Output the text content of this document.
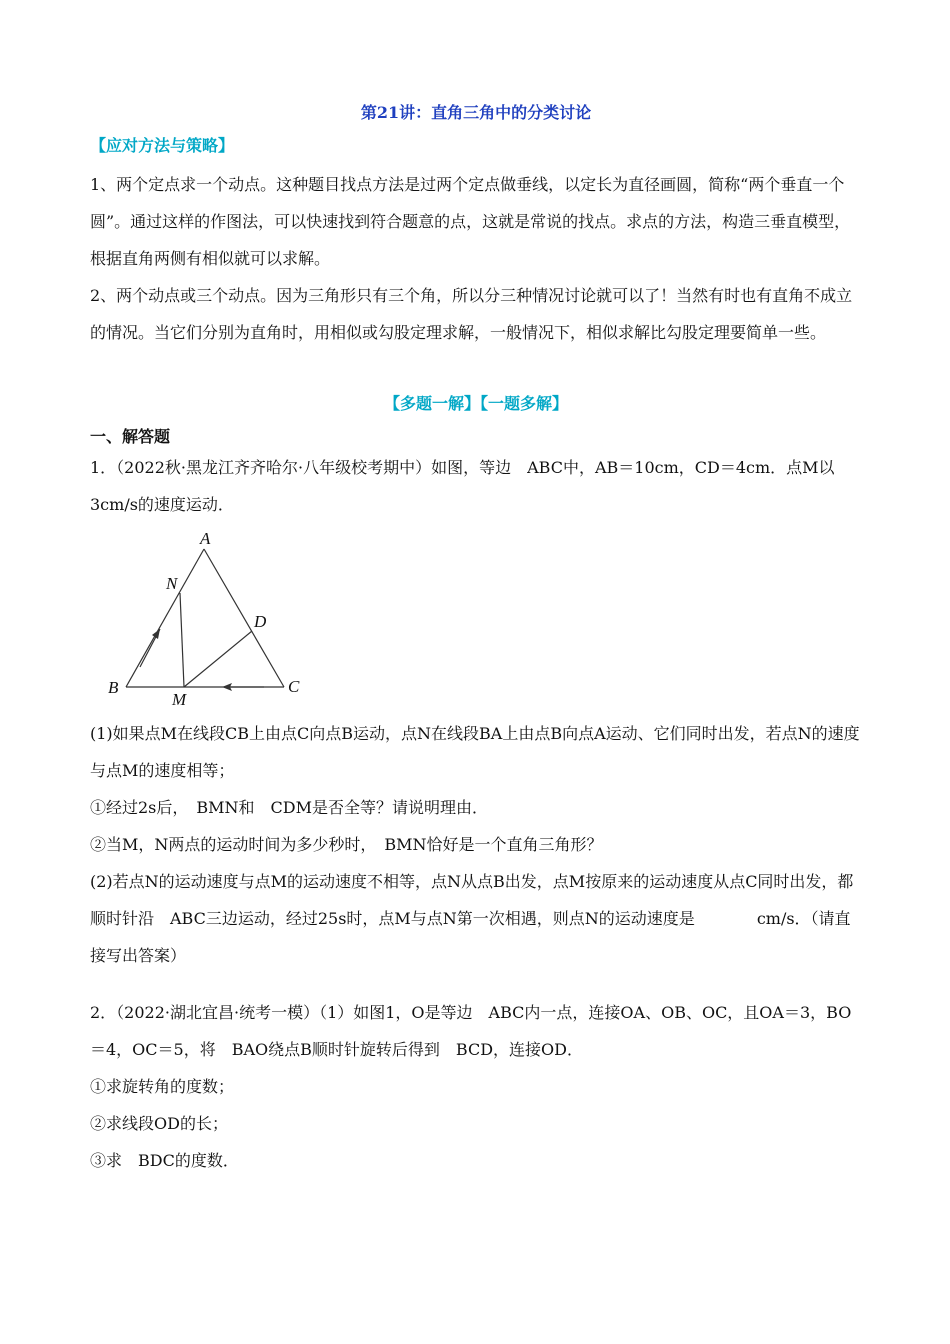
第21讲：直角三角中的分类讨论
【应对方法与策略】

1、两个定点求一个动点。这种题目找点方法是过两个定点做垂线，以定长为直径画圆，简称“两个垂直一个圆”。通过这样的作图法，可以快速找到符合题意的点，这就是常说的找点。求点的方法，构造三垂直模型，根据直角两侧有相似就可以求解。

2、两个动点或三个动点。因为三角形只有三个角，所以分三种情况讨论就可以了！当然有时也有直角不成立的情况。当它们分别为直角时，用相似或勾股定理求解，一般情况下，相似求解比勾股定理要简单一些。

【多题一解】【一题多解】
一、解答题

1．（2022秋·黑龙江齐齐哈尔·八年级校考期中）如图，等边　 ABC中，AB＝10cm，CD＝4cm．点M以

3cm/s的速度运动．

A
B	C
D
M
N

(1)如果点M在线段CB上由点C向点B运动，点N在线段BA上由点B向点A运动、它们同时出发，若点N的速度与点M的速度相等；

①经过2s后，　BMN和　CDM是否全等？请说明理由．

②当M，N两点的运动时间为多少秒时，　BMN恰好是一个直角三角形？

(2)若点N的运动速度与点M的运动速度不相等，点N从点B出发，点M按原来的运动速度从点C同时出发，都顺时针沿　ABC三边运动，经过25s时，点M与点N第一次相遇，则点N的运动速度是	cm/s．（请直接写出答案）

2．（2022·湖北宜昌·统考一模）（1）如图1，O是等边　ABC内一点，连接OA、OB、OC，且OA＝3，BO＝4，OC＝5，将　BAO绕点B顺时针旋转后得到　BCD，连接OD．

①求旋转角的度数；

②求线段OD的长；

③求　BDC的度数．
